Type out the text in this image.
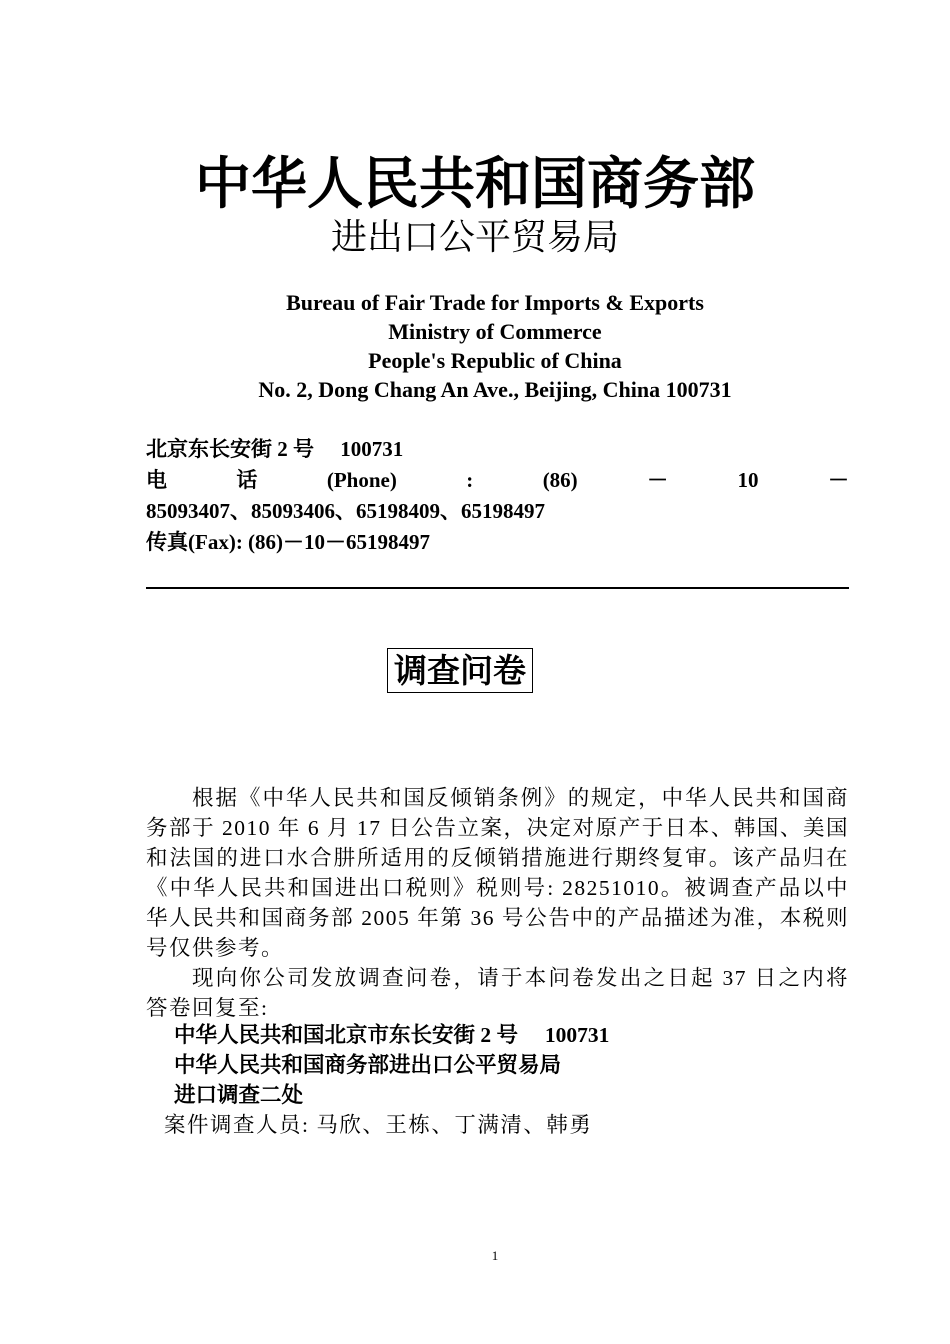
中华人民共和国商务部
进出口公平贸易局
Bureau of Fair Trade for Imports & Exports
Ministry of Commerce
People's Republic of China
No. 2, Dong Chang An Ave., Beijing, China 100731
北京东长安街 2 号　 100731
电	话	(Phone)	:	(86)	－	10	－
85093407、85093406、65198409、65198497
传真(Fax): (86)－10－65198497
调查问卷

根据《中华人民共和国反倾销条例》的规定，中华人民共和国商务部于 2010 年 6 月 17 日公告立案，决定对原产于日本、韩国、美国和法国的进口水合肼所适用的反倾销措施进行期终复审。该产品归在《中华人民共和国进出口税则》税则号: 28251010。被调查产品以中华人民共和国商务部 2005 年第 36 号公告中的产品描述为准，本税则号仅供参考。

现向你公司发放调查问卷，请于本问卷发出之日起 37 日之内将答卷回复至:

中华人民共和国北京市东长安街 2 号　 100731
中华人民共和国商务部进出口公平贸易局
进口调查二处
案件调查人员: 马欣、王栋、丁满清、韩勇
1
